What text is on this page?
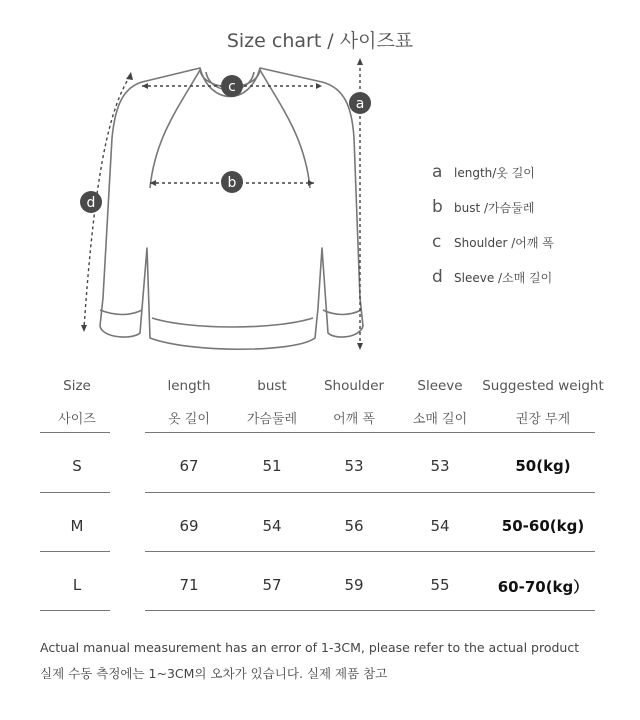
Size chart / 사이즈표
c
b
a
d
a length/옷 길이
b bust /가슴둘레
c	Shoulder /어깨 폭
d Sleeve /소매 길이
Size	length	bust	Shoulder	Sleeve	Suggested weight
사이즈	옷 길이	가슴둘레	어깨 폭	소매 길이	권장 무게
S	67	51	53	53	50(kg)
M	69	54	56	54	50-60(kg)
L	71	57	59	55	60-70(kg）
Actual manual measurement has an error of 1-3CM, please refer to the actual product
실제 수동 측정에는 1~3CM의 오차가 있습니다. 실제 제품 참고
